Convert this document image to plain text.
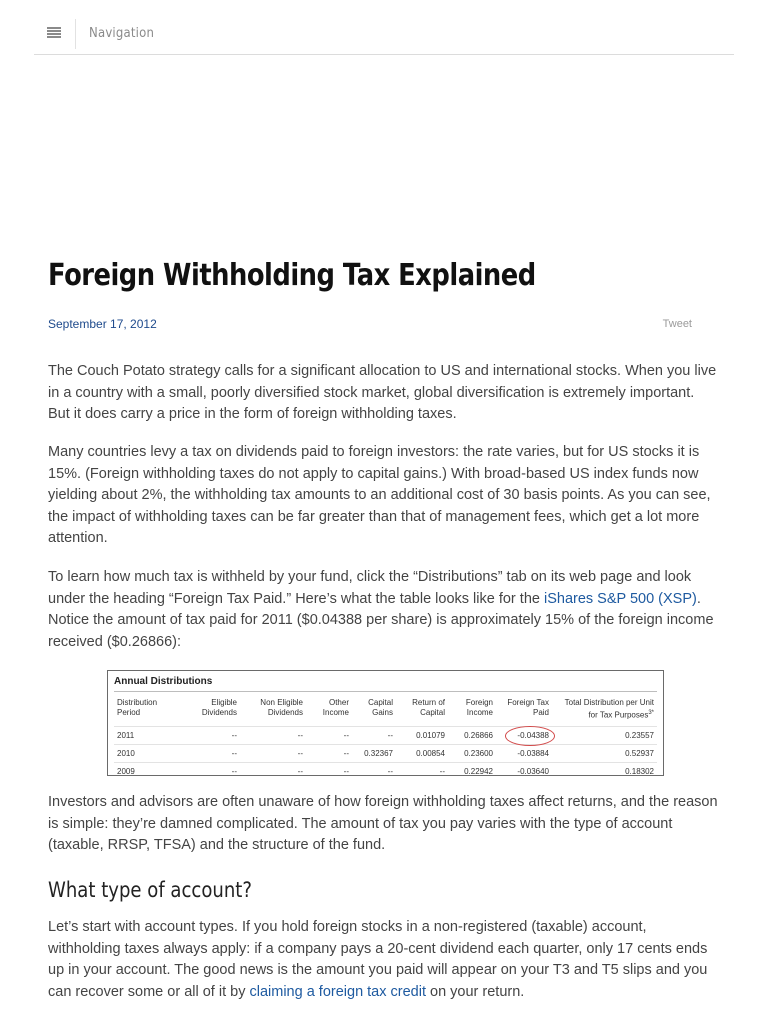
Navigation
Foreign Withholding Tax Explained
September 17, 2012	Tweet

The Couch Potato strategy calls for a significant allocation to US and international stocks. When you live in a country with a small, poorly diversified stock market, global diversification is extremely important. But it does carry a price in the form of foreign withholding taxes.

Many countries levy a tax on dividends paid to foreign investors: the rate varies, but for US stocks it is 15%. (Foreign withholding taxes do not apply to capital gains.) With broad-based US index funds now yielding about 2%, the withholding tax amounts to an additional cost of 30 basis points. As you can see, the impact of withholding taxes can be far greater than that of management fees, which get a lot more attention.

To learn how much tax is withheld by your fund, click the “Distributions” tab on its web page and look under the heading “Foreign Tax Paid.” Here’s what the table looks like for the iShares S&P 500 (XSP). Notice the amount of tax paid for 2011 ($0.04388 per share) is approximately 15% of the foreign income received ($0.26866):

Annual Distributions
Distribution Period	Eligible Dividends	Non Eligible Dividends	Other Income	Capital Gains	Return of Capital	Foreign Income	Foreign Tax Paid	Total Distribution per Unit for Tax Purposes$^{3*}$
2011	--	--	--	--	0.01079	0.26866	-0.04388	0.23557
2010	--	--	--	0.32367	0.00854	0.23600	-0.03884	0.52937
2009	--	--	--	--	--	0.22942	-0.03640	0.18302

Investors and advisors are often unaware of how foreign withholding taxes affect returns, and the reason is simple: they’re damned complicated. The amount of tax you pay varies with the type of account (taxable, RRSP, TFSA) and the structure of the fund.

What type of account?

Let’s start with account types. If you hold foreign stocks in a non-registered (taxable) account, withholding taxes always apply: if a company pays a 20-cent dividend each quarter, only 17 cents ends up in your account. The good news is the amount you paid will appear on your T3 and T5 slips and you can recover some or all of it by claiming a foreign tax credit on your return.
